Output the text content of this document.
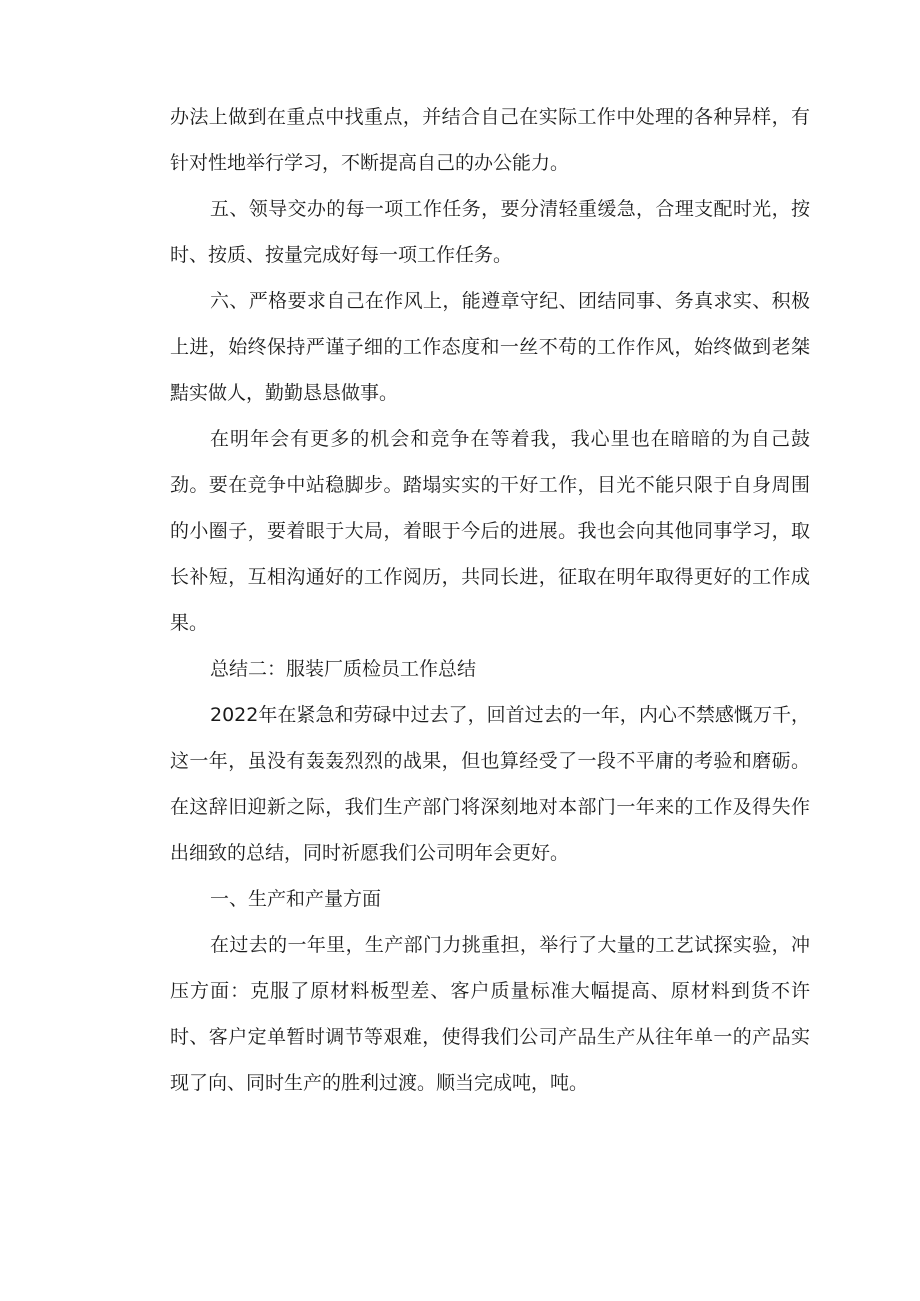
办法上做到在重点中找重点，并结合自己在实际工作中处理的各种异样，有针对性地举行学习，不断提高自己的办公能力。

五、领导交办的每一项工作任务，要分清轻重缓急，合理支配时光，按时、按质、按量完成好每一项工作任务。

六、严格要求自己在作风上，能遵章守纪、团结同事、务真求实、积极上进，始终保持严谨子细的工作态度和一丝不苟的工作作风，始终做到老桀黠实做人，勤勤恳恳做事。

在明年会有更多的机会和竞争在等着我，我心里也在暗暗的为自己鼓劲。要在竞争中站稳脚步。踏塌实实的干好工作，目光不能只限于自身周围的小圈子，要着眼于大局，着眼于今后的进展。我也会向其他同事学习，取长补短，互相沟通好的工作阅历，共同长进，征取在明年取得更好的工作成果。

总结二：服装厂质检员工作总结

2022年在紧急和劳碌中过去了，回首过去的一年，内心不禁感慨万千，这一年，虽没有轰轰烈烈的战果，但也算经受了一段不平庸的考验和磨砺。在这辞旧迎新之际，我们生产部门将深刻地对本部门一年来的工作及得失作出细致的总结，同时祈愿我们公司明年会更好。

一、生产和产量方面

在过去的一年里，生产部门力挑重担，举行了大量的工艺试探实验，冲压方面：克服了原材料板型差、客户质量标准大幅提高、原材料到货不许时、客户定单暂时调节等艰难，使得我们公司产品生产从往年单一的产品实现了向、同时生产的胜利过渡。顺当完成吨，吨。
